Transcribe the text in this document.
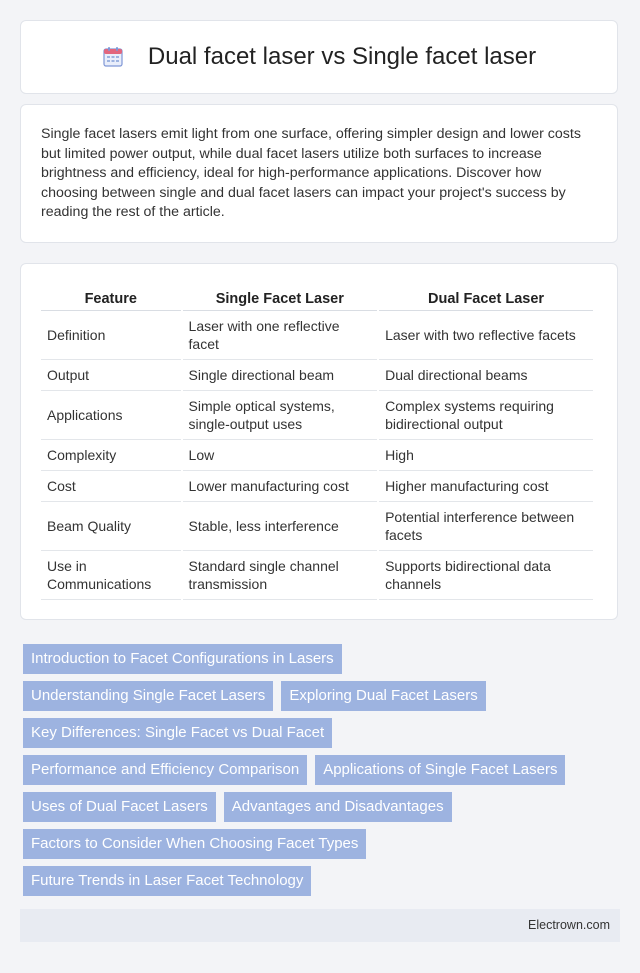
Dual facet laser vs Single facet laser
Single facet lasers emit light from one surface, offering simpler design and lower costs but limited power output, while dual facet lasers utilize both surfaces to increase brightness and efficiency, ideal for high-performance applications. Discover how choosing between single and dual facet lasers can impact your project's success by reading the rest of the article.
Feature	Single Facet Laser	Dual Facet Laser
Definition	Laser with one reflective facet	Laser with two reflective facets
Output	Single directional beam	Dual directional beams
Applications	Simple optical systems, single-output uses	Complex systems requiring bidirectional output
Complexity	Low	High
Cost	Lower manufacturing cost	Higher manufacturing cost
Beam Quality	Stable, less interference	Potential interference between facets
Use in Communications	Standard single channel transmission	Supports bidirectional data channels
Introduction to Facet Configurations in Lasers
Understanding Single Facet Lasers	Exploring Dual Facet Lasers
Key Differences: Single Facet vs Dual Facet
Performance and Efficiency Comparison	Applications of Single Facet Lasers
Uses of Dual Facet Lasers	Advantages and Disadvantages
Factors to Consider When Choosing Facet Types
Future Trends in Laser Facet Technology
Electrown.com
